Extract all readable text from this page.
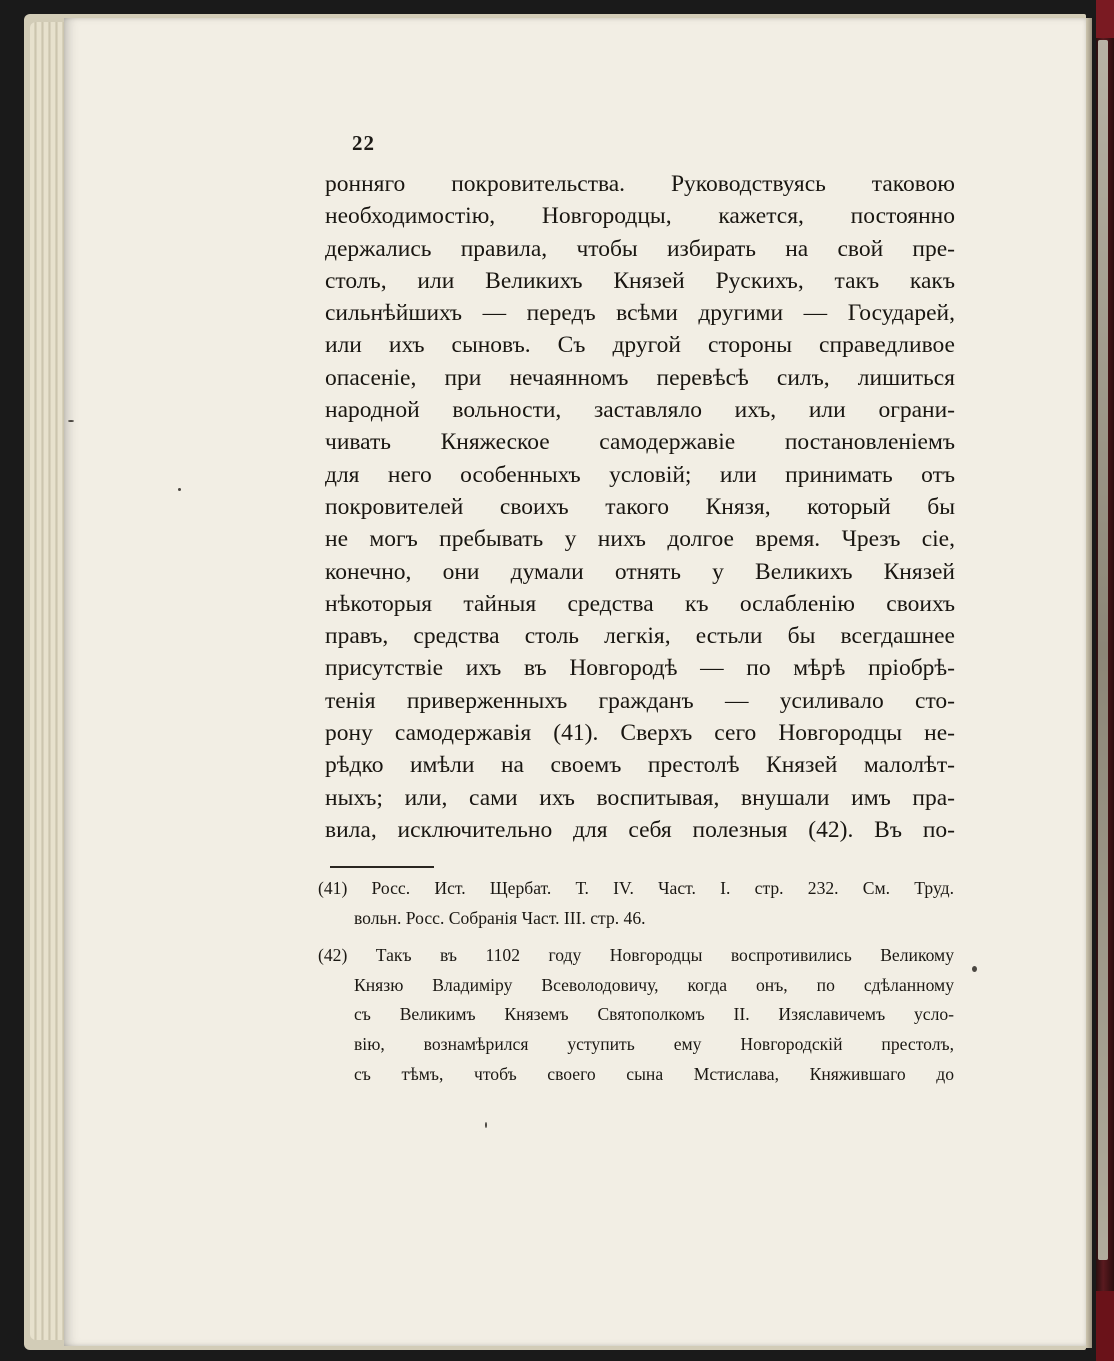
22
ронняго покровительства. Руководствуясь таковою
необходимостію, Новгородцы, кажется, постоянно
держались правила, чтобы избирать на свой пре-
столъ, или Великихъ Князей Рускихъ, такъ какъ
сильнѣйшихъ — передъ всѣми другими — Государей,
или ихъ сыновъ. Съ другой стороны справедливое
опасеніе, при нечаянномъ перевѣсѣ силъ, лишиться
народной вольности, заставляло ихъ, или ограни-
чивать Княжеское самодержавіе постановленіемъ
для него особенныхъ условій; или принимать отъ
покровителей своихъ такого Князя, который бы
не могъ пребывать у нихъ долгое время. Чрезъ сіе,
конечно, они думали отнять у Великихъ Князей
нѣкоторыя тайныя средства къ ослабленію своихъ
правъ, средства столь легкія, естьли бы всегдашнее
присутствіе ихъ въ Новгородѣ — по мѣрѣ пріобрѣ-
тенія приверженныхъ гражданъ — усиливало сто-
рону самодержавія (41). Сверхъ сего Новгородцы не-
рѣдко имѣли на своемъ престолѣ Князей малолѣт-
ныхъ; или, сами ихъ воспитывая, внушали имъ пра-
вила, исключительно для себя полезныя (42). Въ по-
(41) Росс. Ист. Щербат. Т. IV. Част. I. стр. 232. См. Труд.
вольн. Росс. Собранія Част. III. стр. 46.
(42) Такъ въ 1102 году Новгородцы воспротивились Великому
Князю Владиміру Всеволодовичу, когда онъ, по сдѣланному
съ Великимъ Княземъ Святополкомъ II. Изяславичемъ усло-
вію, вознамѣрился уступить ему Новгородскій престолъ,
съ тѣмъ, чтобъ своего сына Мстислава, Княжившаго до
